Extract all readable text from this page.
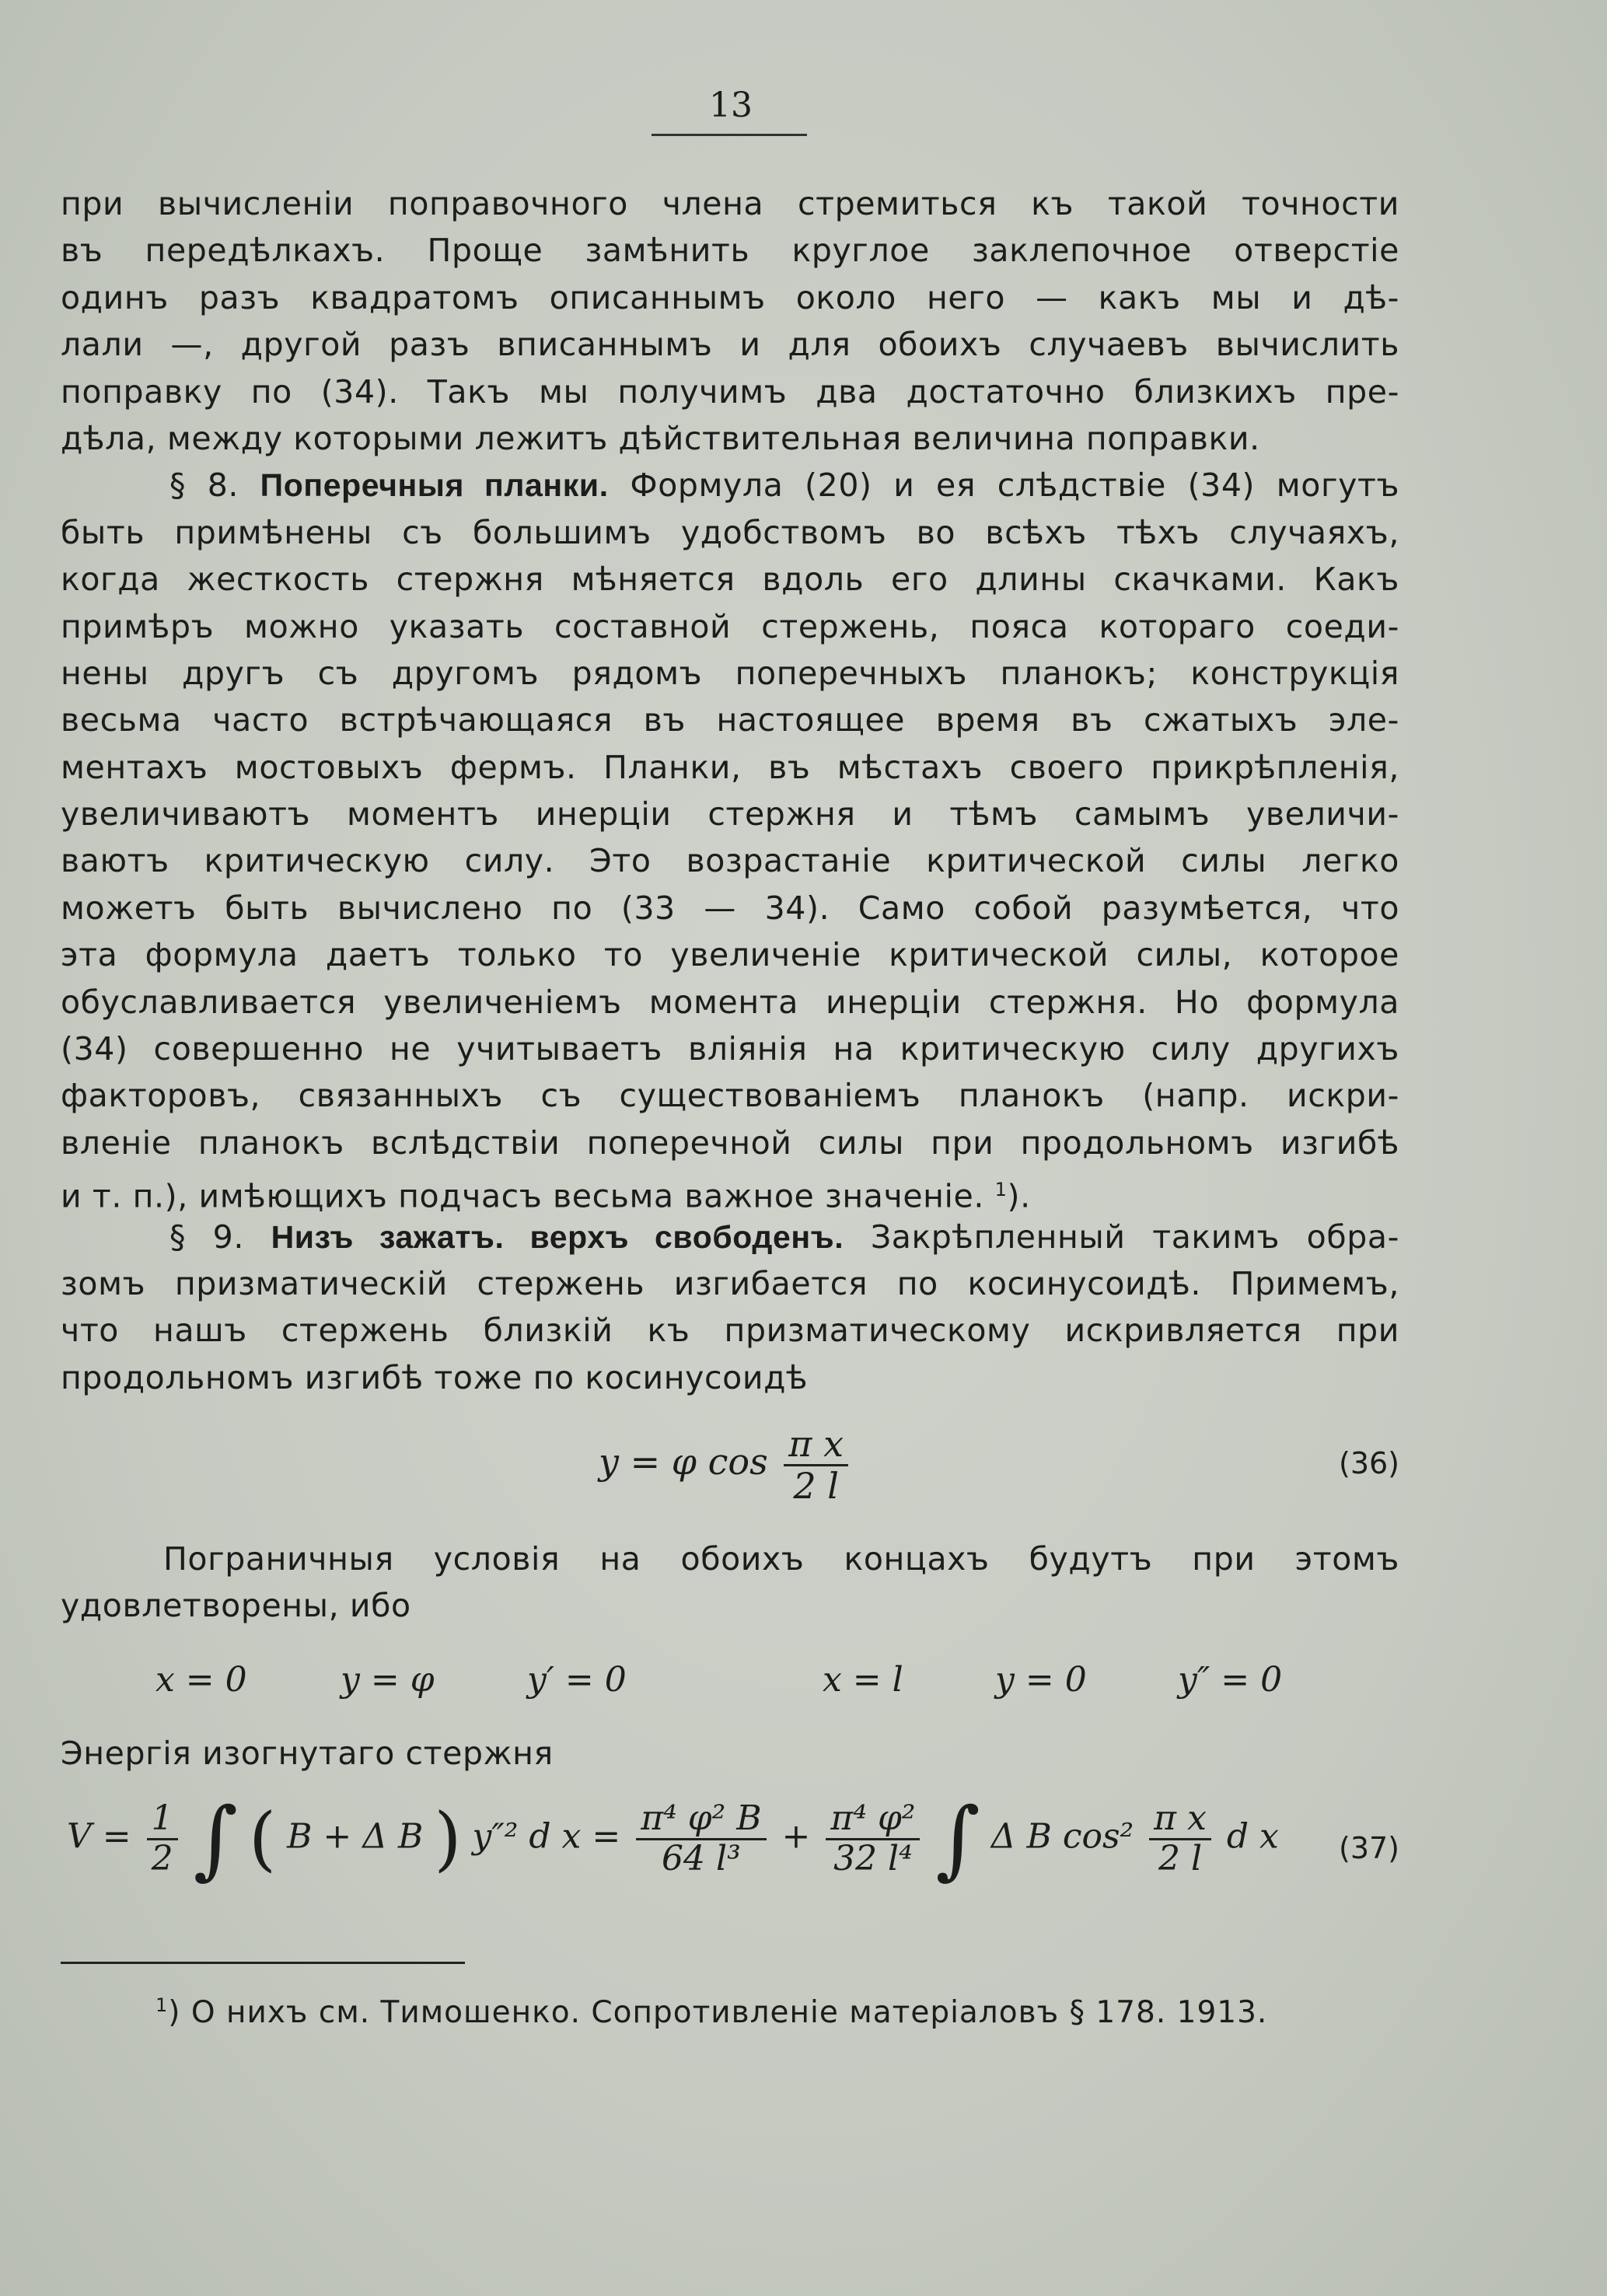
13
при вычисленіи поправочного члена стремиться къ такой точности
въ передѣлкахъ. Проще замѣнить круглое заклепочное отверстіе
одинъ разъ квадратомъ описаннымъ около него — какъ мы и дѣ-
лали —, другой разъ вписаннымъ и для обоихъ случаевъ вычислить
поправку по (34). Такъ мы получимъ два достаточно близкихъ пре-
дѣла, между которыми лежитъ дѣйствительная величина поправки.
§ 8. Поперечныя планки. Формула (20) и ея слѣдствіе (34) могутъ
быть примѣнены съ большимъ удобствомъ во всѣхъ тѣхъ случаяхъ,
когда жесткость стержня мѣняется вдоль его длины скачками. Какъ
примѣръ можно указать составной стержень, пояса котораго соеди-
нены другъ съ другомъ рядомъ поперечныхъ планокъ; конструкція
весьма часто встрѣчающаяся въ настоящее время въ сжатыхъ эле-
ментахъ мостовыхъ фермъ. Планки, въ мѣстахъ своего прикрѣпленія,
увеличиваютъ моментъ инерціи стержня и тѣмъ самымъ увеличи-
ваютъ критическую силу. Это возрастаніе критической силы легко
можетъ быть вычислено по (33 — 34). Само собой разумѣется, что
эта формула даетъ только то увеличеніе критической силы, которое
обуславливается увеличеніемъ момента инерціи стержня. Но формула
(34) совершенно не учитываетъ вліянія на критическую силу другихъ
факторовъ, связанныхъ съ существованіемъ планокъ (напр. искри-
вленіе планокъ вслѣдствіи поперечной силы при продольномъ изгибѣ
и т. п.), имѣющихъ подчасъ весьма важное значеніе. $^1$).
§ 9. Низъ зажатъ. верхъ свободенъ. Закрѣпленный такимъ обра-
зомъ призматическій стержень изгибается по косинусоидѣ. Примемъ,
что нашъ стержень близкій къ призматическому искривляется при
продольномъ изгибѣ тоже по косинусоидѣ
y = φ $\cos \frac{\text{π x}}{2 l}$	(36)
Пограничныя условія на обоихъ концахъ будутъ при этомъ
удовлетворены, ибо
x = 0	y = φ	y′ = 0	x = l	y = 0	y″ = 0
Энергія изогнутаго стержня
$V = \frac{1}{2}$ ∫ ( B + Δ B ) y″² d $x = \frac{\text{π⁴ φ² B}}{\text{64 l³}} + \frac{\text{π⁴ φ²}}{\text{32 l⁴}}$ ∫ Δ B $\cos^2 \frac{\text{π x}}{2 l}$ d x (37)
$^1$) О нихъ см. Тимошенко. Сопротивленіе матеріаловъ § 178. 1913.
